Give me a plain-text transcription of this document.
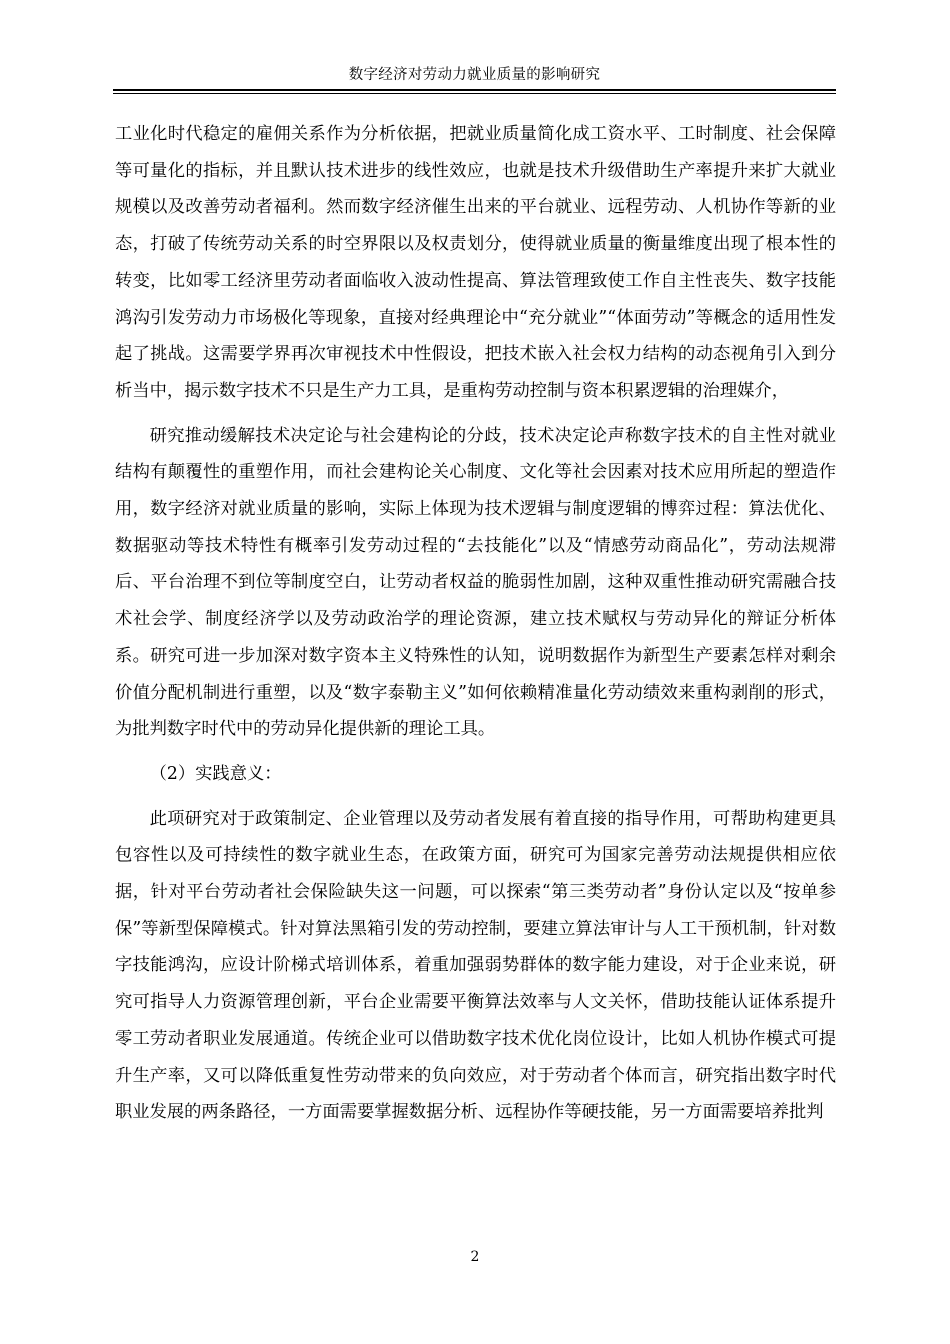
数字经济对劳动力就业质量的影响研究

工业化时代稳定的雇佣关系作为分析依据，把就业质量简化成工资水平、工时制度、社会保障等可量化的指标，并且默认技术进步的线性效应，也就是技术升级借助生产率提升来扩大就业规模以及改善劳动者福利。然而数字经济催生出来的平台就业、远程劳动、人机协作等新的业态，打破了传统劳动关系的时空界限以及权责划分，使得就业质量的衡量维度出现了根本性的转变，比如零工经济里劳动者面临收入波动性提高、算法管理致使工作自主性丧失、数字技能鸿沟引发劳动力市场极化等现象，直接对经典理论中“充分就业”“体面劳动”等概念的适用性发起了挑战。这需要学界再次审视技术中性假设，把技术嵌入社会权力结构的动态视角引入到分析当中，揭示数字技术不只是生产力工具，是重构劳动控制与资本积累逻辑的治理媒介，

研究推动缓解技术决定论与社会建构论的分歧，技术决定论声称数字技术的自主性对就业结构有颠覆性的重塑作用，而社会建构论关心制度、文化等社会因素对技术应用所起的塑造作用，数字经济对就业质量的影响，实际上体现为技术逻辑与制度逻辑的博弈过程：算法优化、数据驱动等技术特性有概率引发劳动过程的“去技能化”以及“情感劳动商品化”，劳动法规滞后、平台治理不到位等制度空白，让劳动者权益的脆弱性加剧，这种双重性推动研究需融合技术社会学、制度经济学以及劳动政治学的理论资源，建立技术赋权与劳动异化的辩证分析体系。研究可进一步加深对数字资本主义特殊性的认知，说明数据作为新型生产要素怎样对剩余价值分配机制进行重塑，以及“数字泰勒主义”如何依赖精准量化劳动绩效来重构剥削的形式，为批判数字时代中的劳动异化提供新的理论工具。

（2）实践意义：

此项研究对于政策制定、企业管理以及劳动者发展有着直接的指导作用，可帮助构建更具包容性以及可持续性的数字就业生态，在政策方面，研究可为国家完善劳动法规提供相应依据，针对平台劳动者社会保险缺失这一问题，可以探索“第三类劳动者”身份认定以及“按单参保”等新型保障模式。针对算法黑箱引发的劳动控制，要建立算法审计与人工干预机制，针对数字技能鸿沟，应设计阶梯式培训体系，着重加强弱势群体的数字能力建设，对于企业来说，研究可指导人力资源管理创新，平台企业需要平衡算法效率与人文关怀，借助技能认证体系提升零工劳动者职业发展通道。传统企业可以借助数字技术优化岗位设计，比如人机协作模式可提升生产率，又可以降低重复性劳动带来的负向效应，对于劳动者个体而言，研究指出数字时代职业发展的两条路径，一方面需要掌握数据分析、远程协作等硬技能，另一方面需要培养批判

2
